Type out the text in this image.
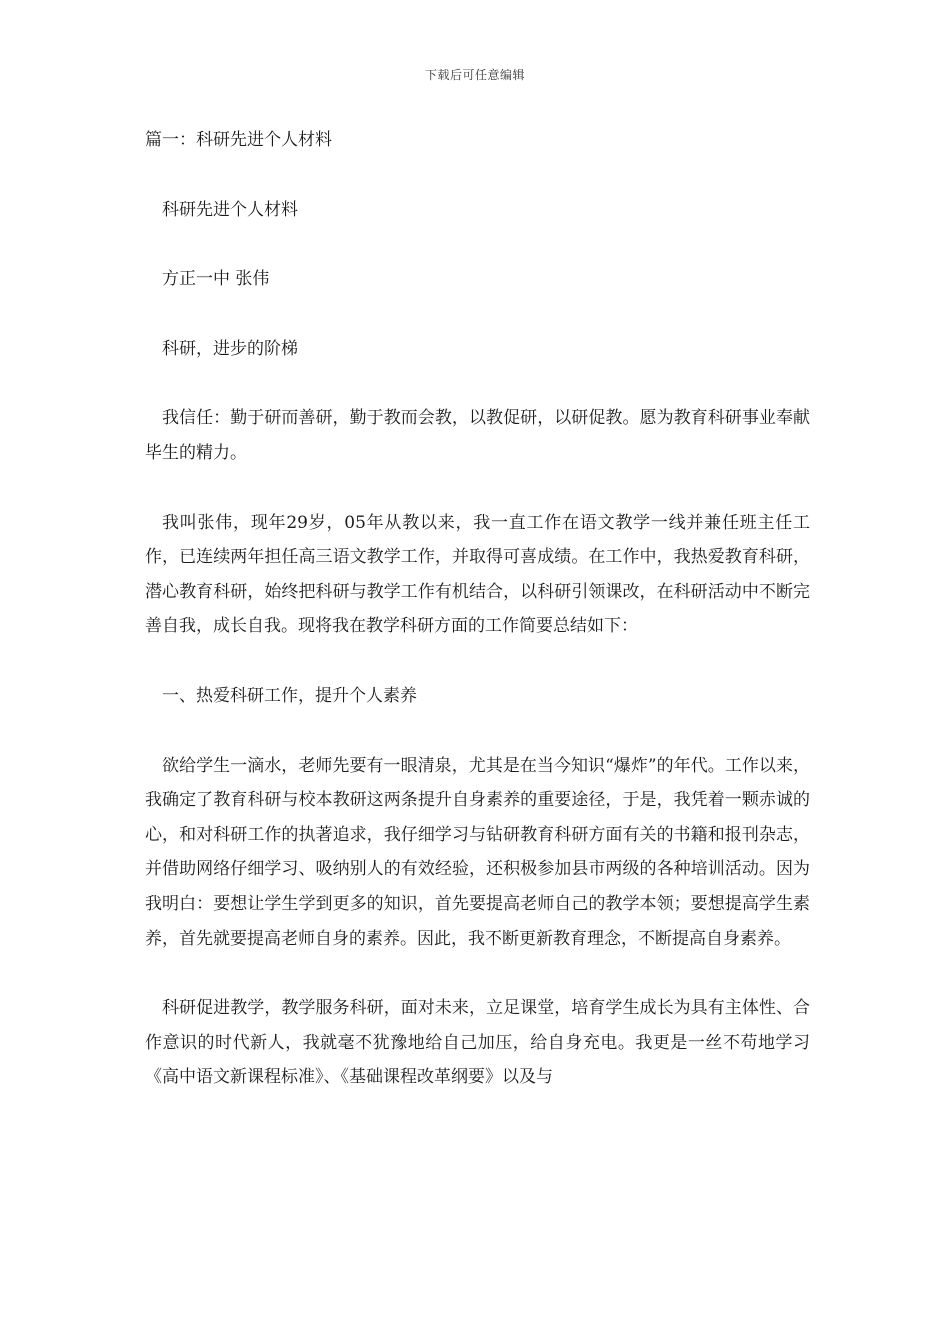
下载后可任意编辑

篇一：科研先进个人材料

科研先进个人材料

方正一中 张伟

科研，进步的阶梯

我信任：勤于研而善研，勤于教而会教，以教促研，以研促教。愿为教育科研事业奉献毕生的精力。

我叫张伟，现年29岁，05年从教以来，我一直工作在语文教学一线并兼任班主任工作，已连续两年担任高三语文教学工作，并取得可喜成绩。在工作中，我热爱教育科研，潜心教育科研，始终把科研与教学工作有机结合，以科研引领课改，在科研活动中不断完善自我，成长自我。现将我在教学科研方面的工作简要总结如下：

一、热爱科研工作，提升个人素养

欲给学生一滴水，老师先要有一眼清泉，尤其是在当今知识“爆炸”的年代。工作以来，我确定了教育科研与校本教研这两条提升自身素养的重要途径，于是，我凭着一颗赤诚的心，和对科研工作的执著追求，我仔细学习与钻研教育科研方面有关的书籍和报刊杂志，并借助网络仔细学习、吸纳别人的有效经验，还积极参加县市两级的各种培训活动。因为我明白：要想让学生学到更多的知识，首先要提高老师自己的教学本领；要想提高学生素养，首先就要提高老师自身的素养。因此，我不断更新教育理念，不断提高自身素养。

科研促进教学，教学服务科研，面对未来，立足课堂，培育学生成长为具有主体性、合作意识的时代新人，我就毫不犹豫地给自己加压，给自身充电。我更是一丝不苟地学习《高中语文新课程标准》、《基础课程改革纲要》以及与
